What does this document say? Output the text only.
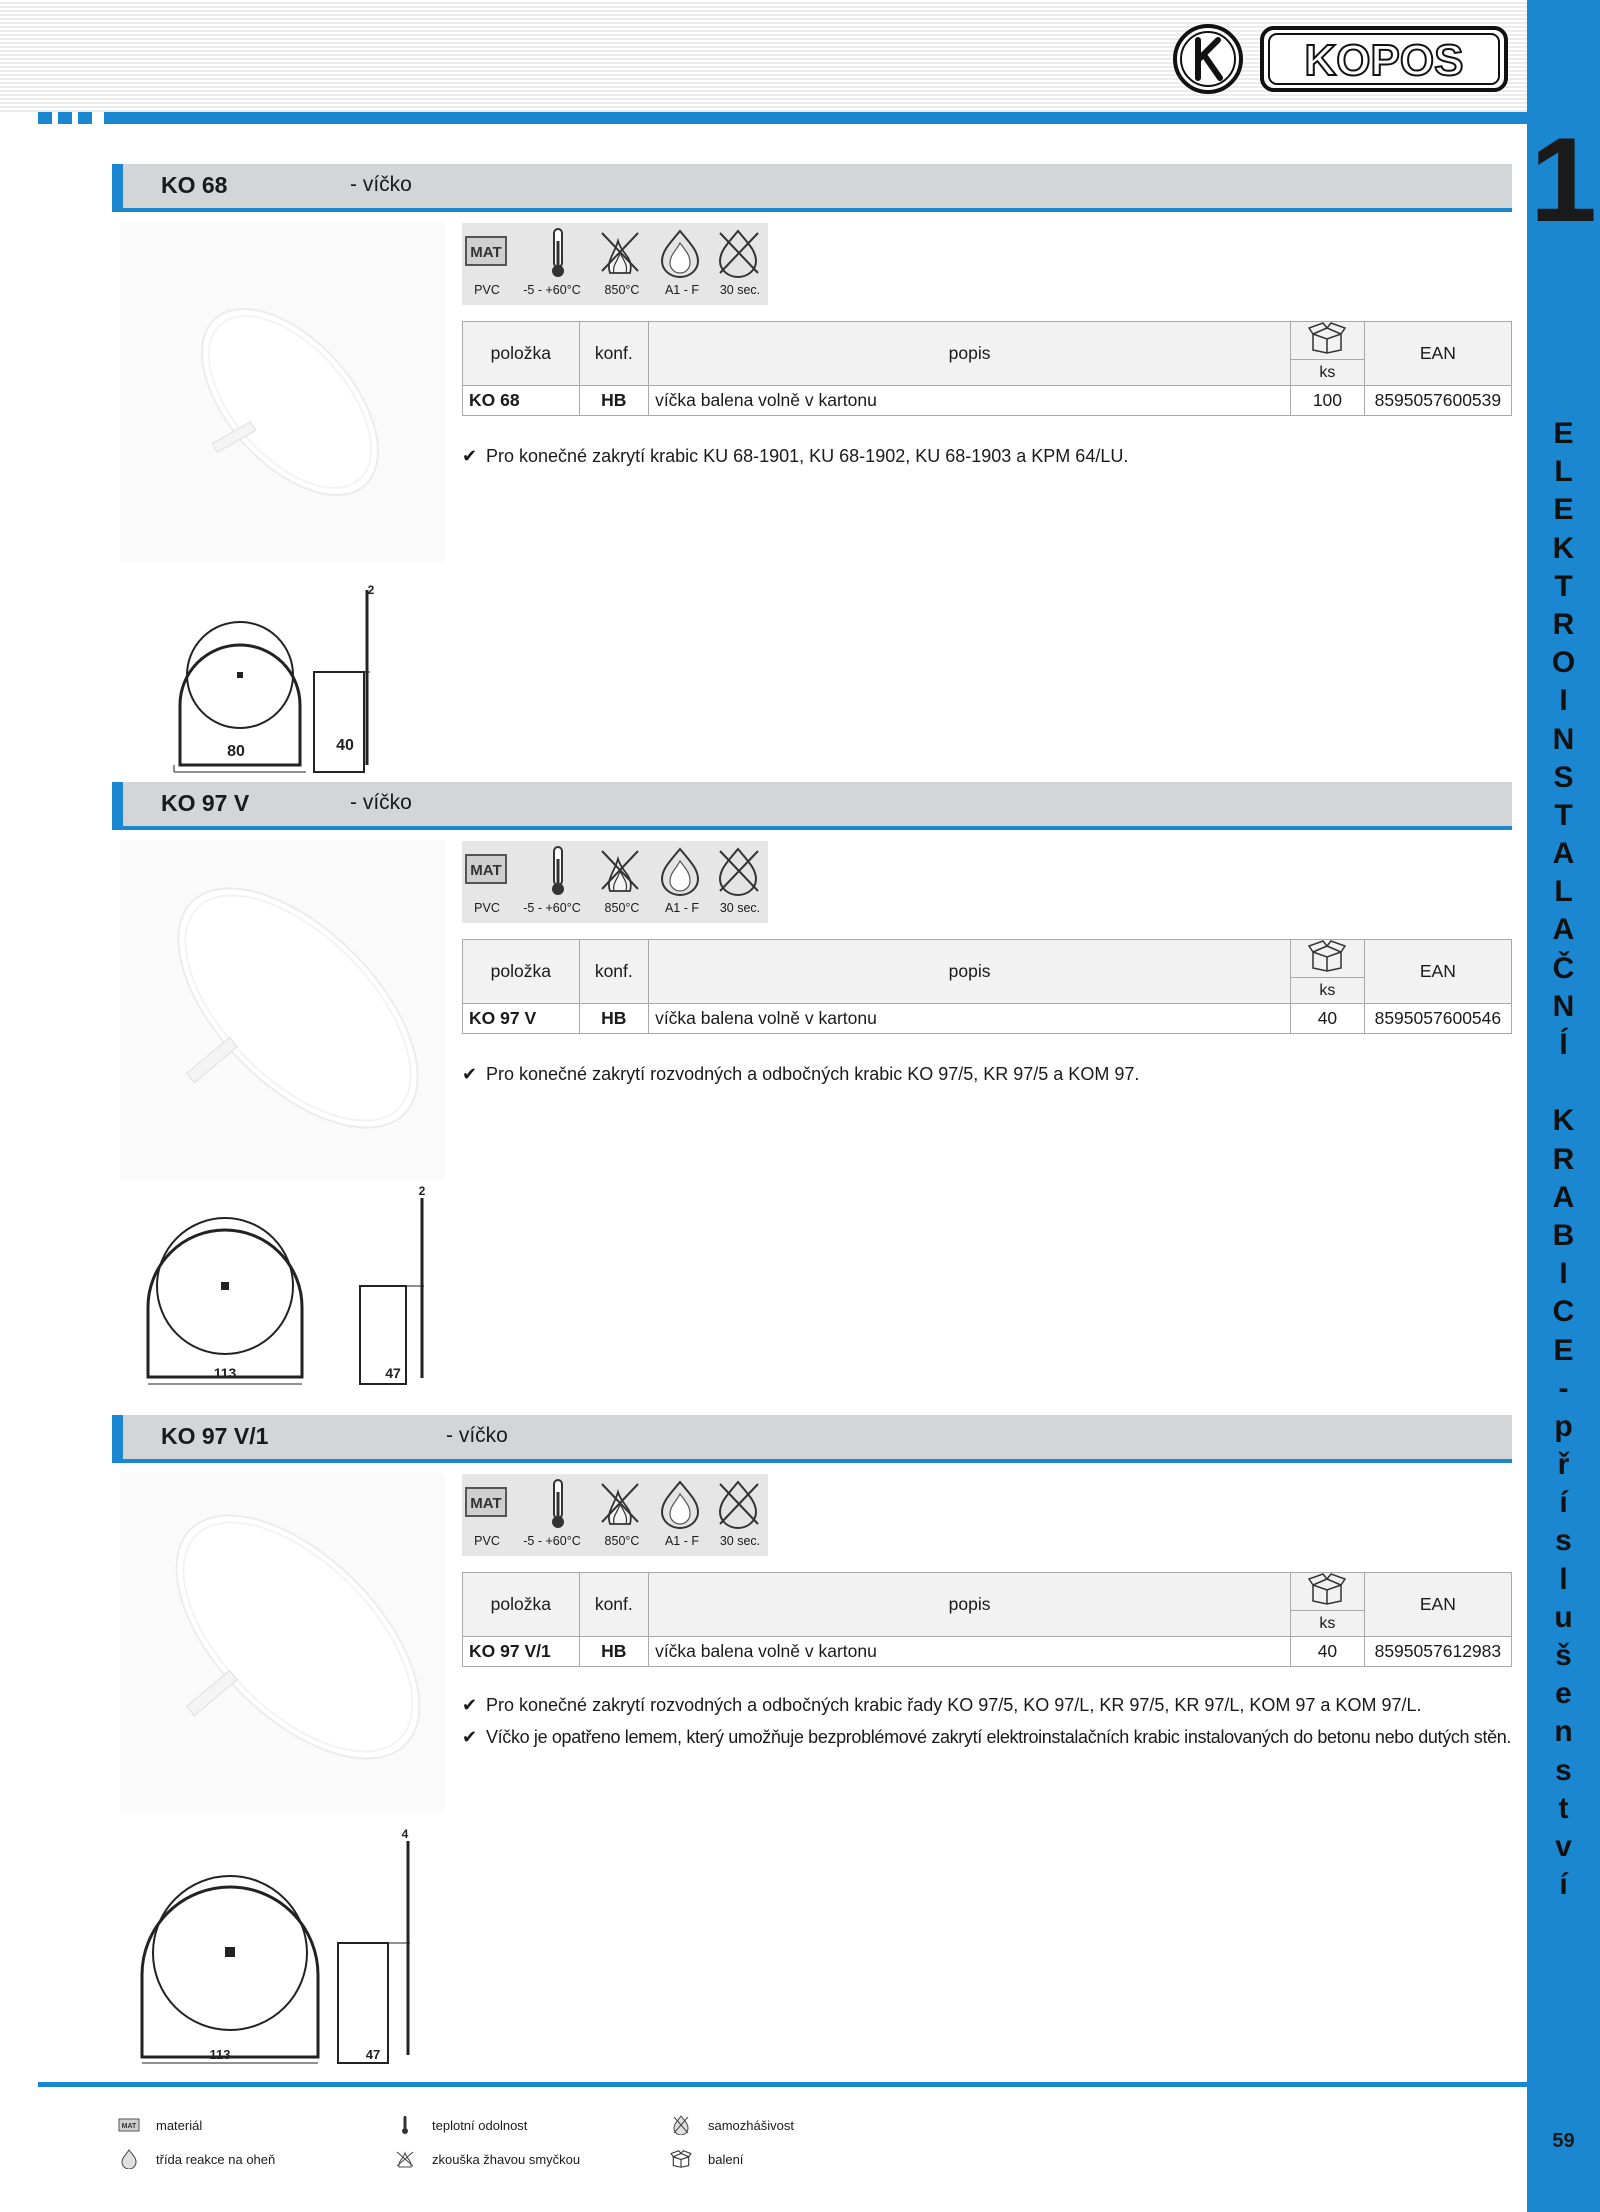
KOPOS
1
E
L
E
K
T
R
O
I
N
S
T
A
L
A
Č
N
Í
K
R
A
B
I
C
E
-
p
ř
í
s
l
u
š
e
n
s
t
v
í
59
KO 68	- víčko
80	40
2
MAT
PVC	-5 - +60°C	850°C	A1 - F	30 sec.
položka	konf.	popis		EAN
			ks	
KO 68	HB	víčka balena volně v kartonu	100	8595057600539
✔ Pro konečné zakrytí krabic KU 68-1901, KU 68-1902, KU 68-1903 a KPM 64/LU.
KO 97 V	- víčko
113	47
2
MAT
PVC	-5 - +60°C	850°C	A1 - F	30 sec.
položka	konf.	popis		EAN
			ks	
KO 97 V	HB	víčka balena volně v kartonu	40	8595057600546
✔ Pro konečné zakrytí rozvodných a odbočných krabic KO 97/5, KR 97/5 a KOM 97.
KO 97 V/1	- víčko
113	47
4
MAT
PVC	-5 - +60°C	850°C	A1 - F	30 sec.
položka	konf.	popis		EAN
			ks	
KO 97 V/1	HB	víčka balena volně v kartonu	40	8595057612983
✔ Pro konečné zakrytí rozvodných a odbočných krabic řady KO 97/5, KO 97/L, KR 97/5, KR 97/L, KOM 97 a KOM 97/L.
✔ Víčko je opatřeno lemem, který umožňuje bezproblémové zakrytí elektroinstalačních krabic instalovaných do betonu nebo dutých stěn.
MAT materiál	teplotní odolnost	samozhášivost
třída reakce na oheň	zkouška žhavou smyčkou	balení
